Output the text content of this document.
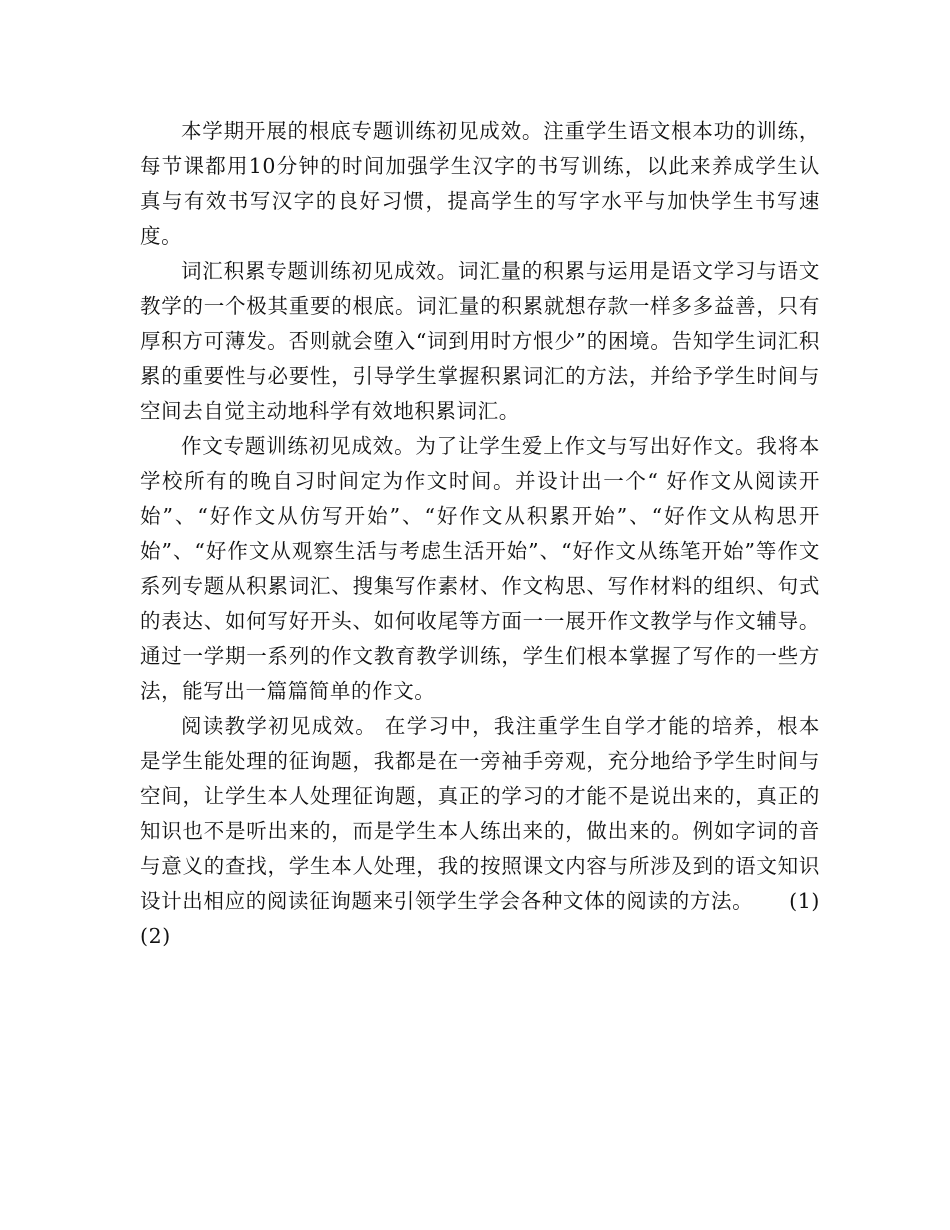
本学期开展的根底专题训练初见成效。注重学生语文根本功的训练，每节课都用10分钟的时间加强学生汉字的书写训练，以此来养成学生认真与有效书写汉字的良好习惯，提高学生的写字水平与加快学生书写速度。

词汇积累专题训练初见成效。词汇量的积累与运用是语文学习与语文教学的一个极其重要的根底。词汇量的积累就想存款一样多多益善，只有厚积方可薄发。否则就会堕入“词到用时方恨少”的困境。告知学生词汇积累的重要性与必要性，引导学生掌握积累词汇的方法，并给予学生时间与空间去自觉主动地科学有效地积累词汇。

作文专题训练初见成效。为了让学生爱上作文与写出好作文。我将本学校所有的晚自习时间定为作文时间。并设计出一个“ 好作文从阅读开始”、“好作文从仿写开始”、“好作文从积累开始”、“好作文从构思开始”、“好作文从观察生活与考虑生活开始”、“好作文从练笔开始”等作文系列专题从积累词汇、搜集写作素材、作文构思、写作材料的组织、句式的表达、如何写好开头、如何收尾等方面一一展开作文教学与作文辅导。通过一学期一系列的作文教育教学训练，学生们根本掌握了写作的一些方法，能写出一篇篇简单的作文。

阅读教学初见成效。 在学习中，我注重学生自学才能的培养，根本是学生能处理的征询题，我都是在一旁袖手旁观，充分地给予学生时间与空间，让学生本人处理征询题，真正的学习的才能不是说出来的，真正的知识也不是听出来的，而是学生本人练出来的，做出来的。例如字词的音与意义的查找，学生本人处理，我的按照课文内容与所涉及到的语文知识设计出相应的阅读征询题来引领学生学会各种文体的阅读的方法。     (1)(2)
